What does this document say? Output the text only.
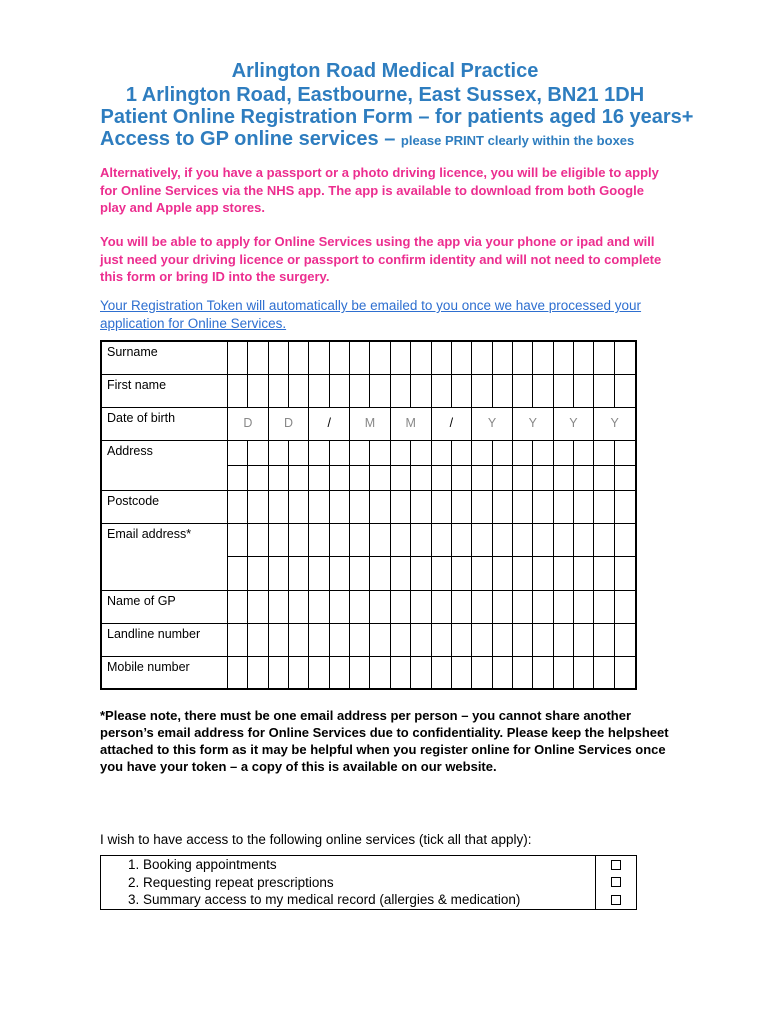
Arlington Road Medical Practice
1 Arlington Road, Eastbourne, East Sussex, BN21 1DH
Patient Online Registration Form – for patients aged 16 years+
Access to GP online services – please PRINT clearly within the boxes
Alternatively, if you have a passport or a photo driving licence, you will be eligible to apply for Online Services via the NHS app. The app is available to download from both Google play and Apple app stores.
You will be able to apply for Online Services using the app via your phone or ipad and will just need your driving licence or passport to confirm identity and will not need to complete this form or bring ID into the surgery.
Your Registration Token will automatically be emailed to you once we have processed your application for Online Services.
Surname
First name
Date of birth	D	D	/	M	M	/	Y	Y	Y	Y
Address
Postcode
Email address*
Name of GP
Landline number
Mobile number
*Please note, there must be one email address per person – you cannot share another person’s email address for Online Services due to confidentiality. Please keep the helpsheet attached to this form as it may be helpful when you register online for Online Services once you have your token – a copy of this is available on our website.
I wish to have access to the following online services (tick all that apply):
1. Booking appointments
2. Requesting repeat prescriptions
3. Summary access to my medical record (allergies & medication)
